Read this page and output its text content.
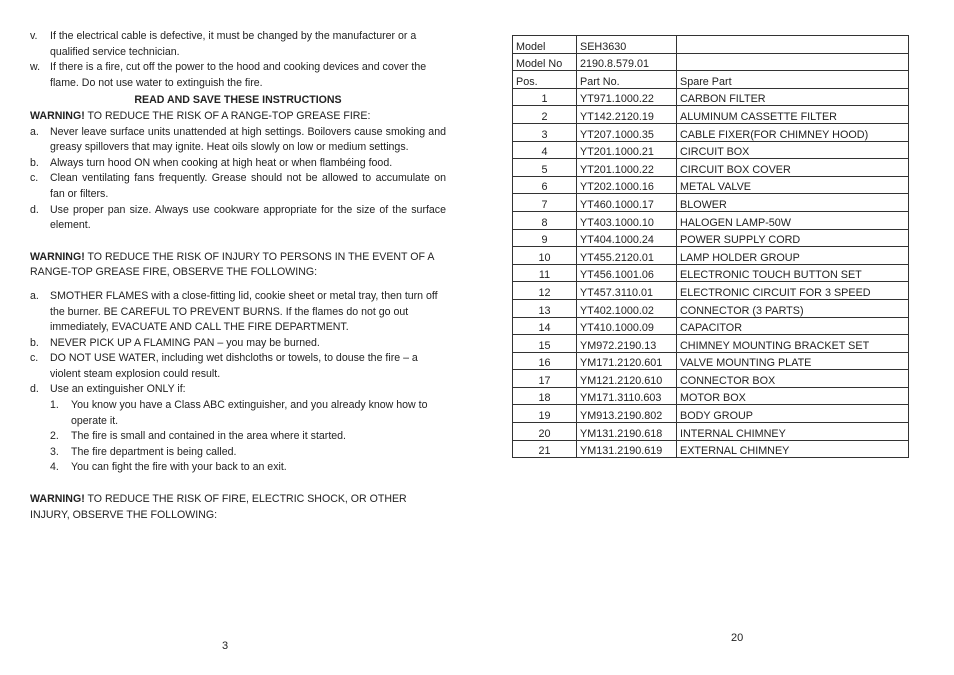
v.	If the electrical cable is defective, it must be changed by the manufacturer or a qualified service technician.
w. If there is a fire, cut off the power to the hood and cooking devices and cover the flame. Do not use water to extinguish the fire.
READ AND SAVE THESE INSTRUCTIONS
WARNING! TO REDUCE THE RISK OF A RANGE-TOP GREASE FIRE:
a.	Never leave surface units unattended at high settings. Boilovers cause smoking and greasy spillovers that may ignite. Heat oils slowly on low or medium settings.
b.	Always turn hood ON when cooking at high heat or when flambéing food.
c.	Clean ventilating fans frequently. Grease should not be allowed to accumulate on fan or filters.
d.	Use proper pan size. Always use cookware appropriate for the size of the surface element.
WARNING! TO REDUCE THE RISK OF INJURY TO PERSONS IN THE EVENT OF A RANGE-TOP GREASE FIRE, OBSERVE THE FOLLOWING:
a.	SMOTHER FLAMES with a close-fitting lid, cookie sheet or metal tray, then turn off the burner. BE CAREFUL TO PREVENT BURNS. If the flames do not go out immediately, EVACUATE AND CALL THE FIRE DEPARTMENT.
b.	NEVER PICK UP A FLAMING PAN – you may be burned.
c.	DO NOT USE WATER, including wet dishcloths or towels, to douse the fire – a violent steam explosion could result.
d.	Use an extinguisher ONLY if:
1.	You know you have a Class ABC extinguisher, and you already know how to operate it.
2.	The fire is small and contained in the area where it started.
3.	The fire department is being called.
4.	You can fight the fire with your back to an exit.
WARNING! TO REDUCE THE RISK OF FIRE, ELECTRIC SHOCK, OR OTHER INJURY, OBSERVE THE FOLLOWING:
3
Model	SEH3630	
Model No	2190.8.579.01	
Pos.	Part No.	Spare Part
1	YT971.1000.22	CARBON FILTER
2	YT142.2120.19	ALUMINUM CASSETTE FILTER
3	YT207.1000.35	CABLE FIXER(FOR CHIMNEY HOOD)
4	YT201.1000.21	CIRCUIT BOX
5	YT201.1000.22	CIRCUIT BOX COVER
6	YT202.1000.16	METAL VALVE
7	YT460.1000.17	BLOWER
8	YT403.1000.10	HALOGEN LAMP-50W
9	YT404.1000.24	POWER SUPPLY CORD
10	YT455.2120.01	LAMP HOLDER GROUP
11	YT456.1001.06	ELECTRONIC TOUCH BUTTON SET
12	YT457.3110.01	ELECTRONIC CIRCUIT FOR 3 SPEED
13	YT402.1000.02	CONNECTOR (3 PARTS)
14	YT410.1000.09	CAPACITOR
15	YM972.2190.13	CHIMNEY MOUNTING BRACKET SET
16	YM171.2120.601	VALVE MOUNTING PLATE
17	YM121.2120.610	CONNECTOR BOX
18	YM171.3110.603	MOTOR BOX
19	YM913.2190.802	BODY GROUP
20	YM131.2190.618	INTERNAL CHIMNEY
21	YM131.2190.619	EXTERNAL CHIMNEY
20
